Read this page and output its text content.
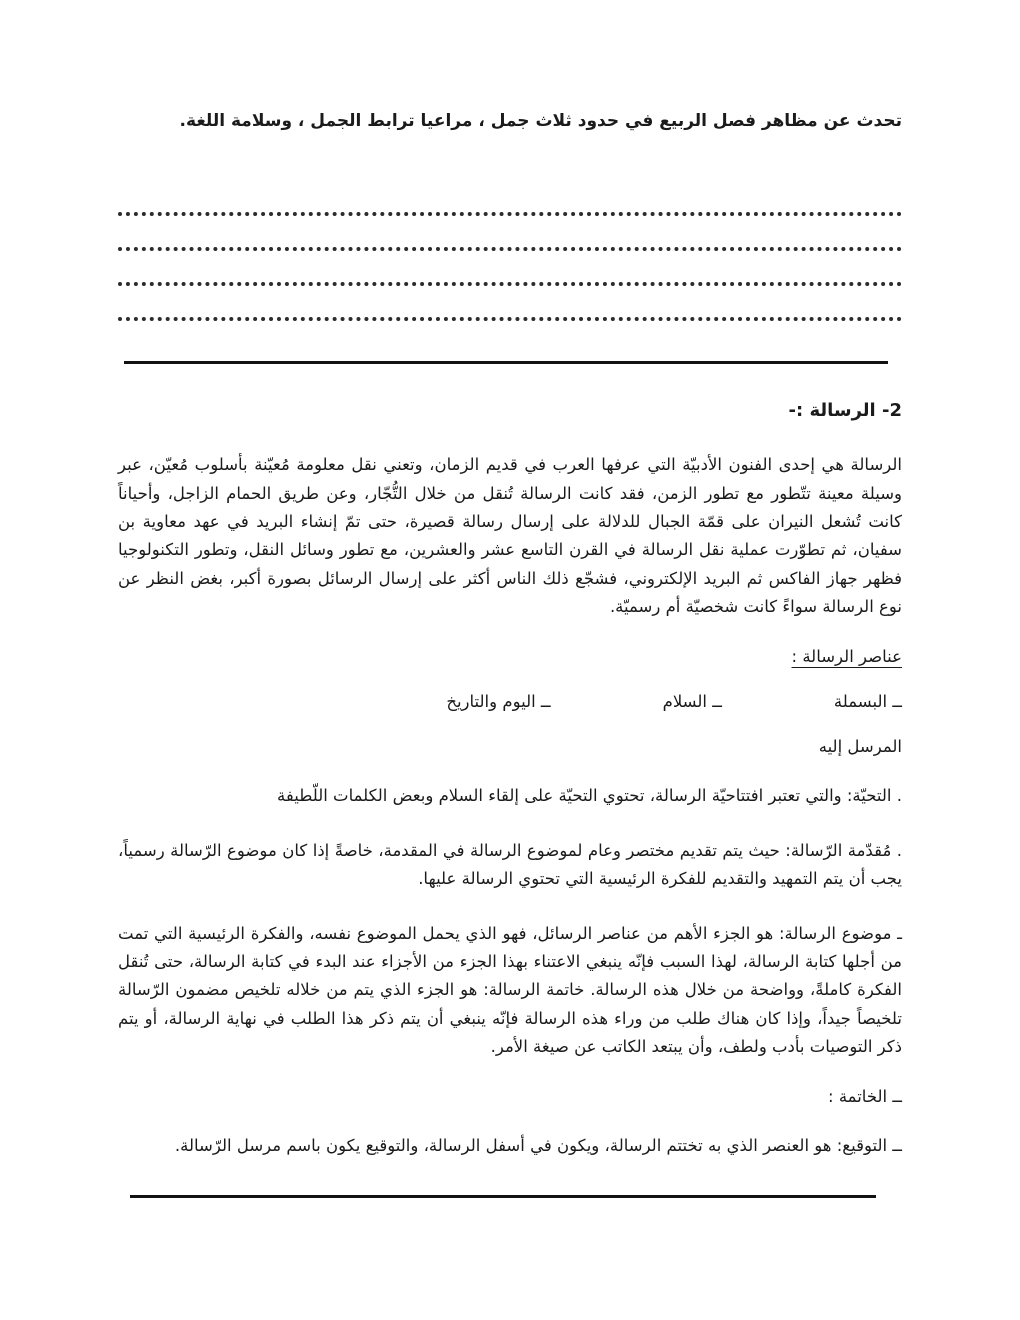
تحدث عن مظاهر فصل الربيع في حدود ثلاث جمل ، مراعيا ترابط الجمل ، وسلامة اللغة.
2- الرسالة :-
الرسالة هي إحدى الفنون الأدبيّة التي عرفها العرب في قديم الزمان، وتعني نقل معلومة مُعيّنة بأسلوب مُعيّن، عبر وسيلة معينة تتّطور مع تطور الزمن، فقد كانت الرسالة تُنقل من خلال التُّجّار، وعن طريق الحمام الزاجل، وأحياناً كانت تُشعل النيران على قمّة الجبال للدلالة على إرسال رسالة قصيرة، حتى تمّ إنشاء البريد في عهد معاوية بن سفيان، ثم تطوّرت عملية نقل الرسالة في القرن التاسع عشر والعشرين، مع تطور وسائل النقل، وتطور التكنولوجيا فظهر جهاز الفاكس ثم البريد الإلكتروني، فشجّع ذلك الناس أكثر على إرسال الرسائل بصورة أكبر، بغض النظر عن نوع الرسالة سواءً كانت شخصيّة أم رسميّة.
عناصر الرسالة :
ــ البسملة
ــ السلام
ــ اليوم والتاريخ
المرسل إليه
. التحيّة: والتي تعتبر افتتاحيّة الرسالة، تحتوي التحيّة على إلقاء السلام وبعض الكلمات اللّطيفة
. مُقدّمة الرّسالة: حيث يتم تقديم مختصر وعام لموضوع الرسالة في المقدمة، خاصةً إذا كان موضوع الرّسالة رسمياً، يجب أن يتم التمهيد والتقديم للفكرة الرئيسية التي تحتوي الرسالة عليها.
ـ موضوع الرسالة: هو الجزء الأهم من عناصر الرسائل، فهو الذي يحمل الموضوع نفسه، والفكرة الرئيسية التي تمت من أجلها كتابة الرسالة، لهذا السبب فإنّه ينبغي الاعتناء بهذا الجزء من الأجزاء عند البدء في كتابة الرسالة، حتى تُنقل الفكرة كاملةً، وواضحة من خلال هذه الرسالة. خاتمة الرسالة: هو الجزء الذي يتم من خلاله تلخيص مضمون الرّسالة تلخيصاً جيداً، وإذا كان هناك طلب من وراء هذه الرسالة فإنّه ينبغي أن يتم ذكر هذا الطلب في نهاية الرسالة، أو يتم ذكر التوصيات بأدب ولطف، وأن يبتعد الكاتب عن صيغة الأمر.
ــ الخاتمة :
ــ التوقيع: هو العنصر الذي به تختتم الرسالة، ويكون في أسفل الرسالة، والتوقيع يكون باسم مرسل الرّسالة.
